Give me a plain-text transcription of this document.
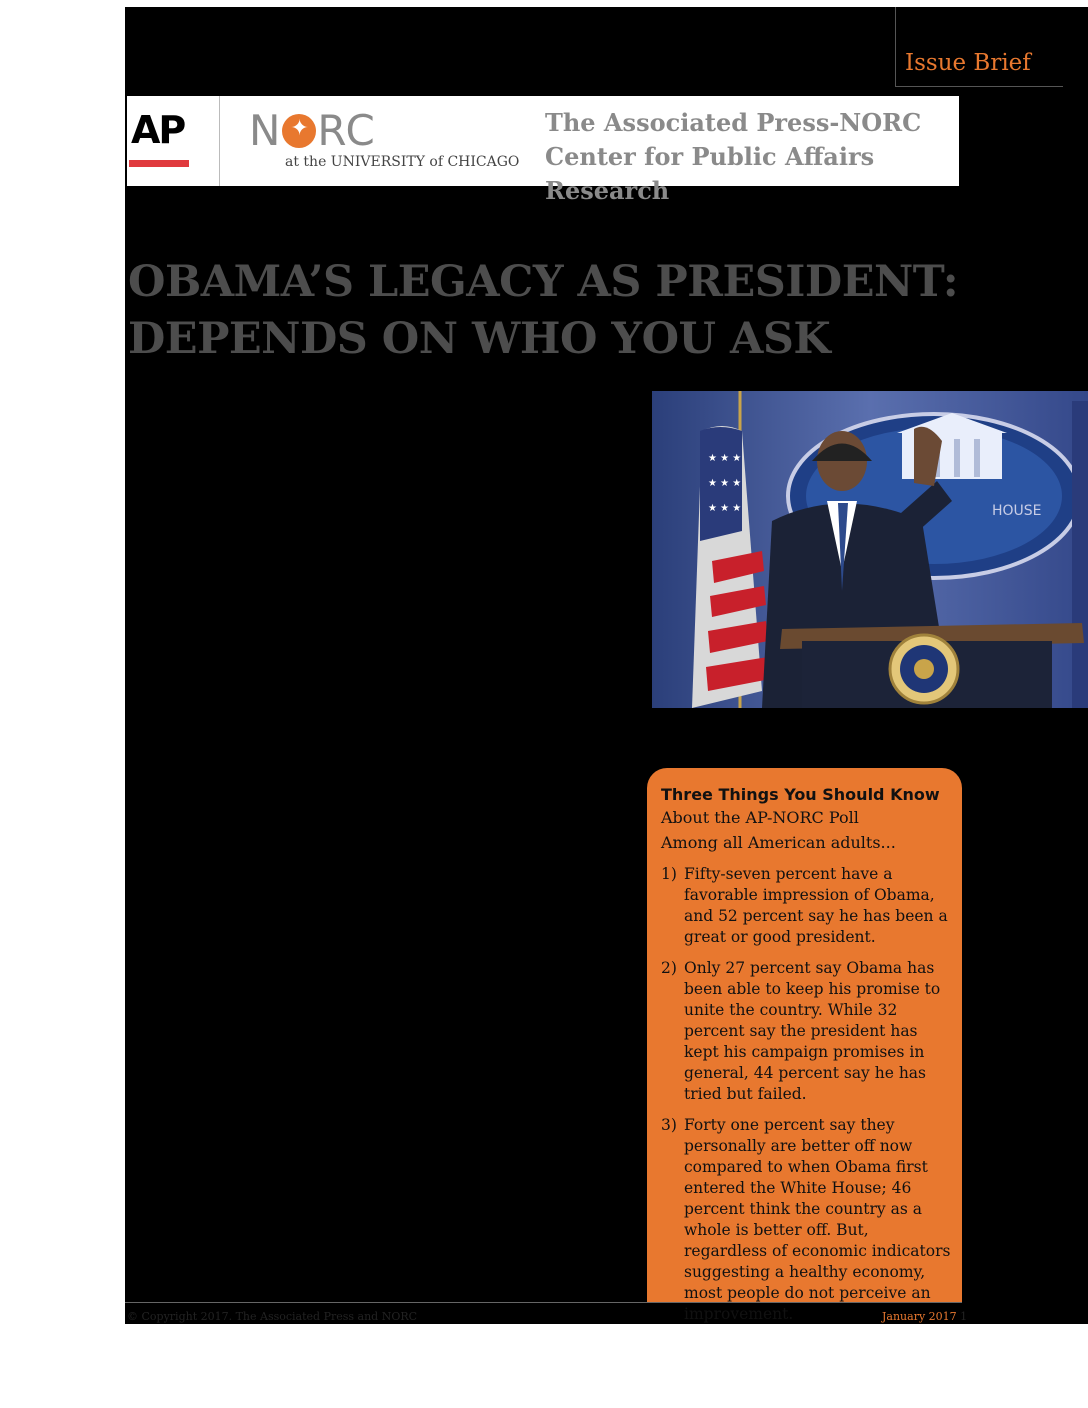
Issue Brief
AP N✦ RC
at the UNIVERSITY of CHICAGO
The Associated Press-NORC
Center for Public Affairs Research
OBAMA’S LEGACY AS PRESIDENT:
DEPENDS ON WHO YOU ASK
HOUSE
★ ★ ★
★ ★ ★
★ ★ ★
Three Things You Should Know
About the AP-NORC Poll
Among all American adults...
1) Fifty-seven percent have a favorable impression of Obama, and 52 percent say he has been a great or good president.
2) Only 27 percent say Obama has been able to keep his promise to unite the country. While 32 percent say the president has kept his campaign promises in general, 44 percent say he has tried but failed.
3) Forty one percent say they personally are better off now compared to when Obama first entered the White House; 46 percent think the country as a whole is better off. But, regardless of economic indicators suggesting a healthy economy, most people do not perceive an improvement.
© Copyright 2017. The Associated Press and NORC	January 2017 1
